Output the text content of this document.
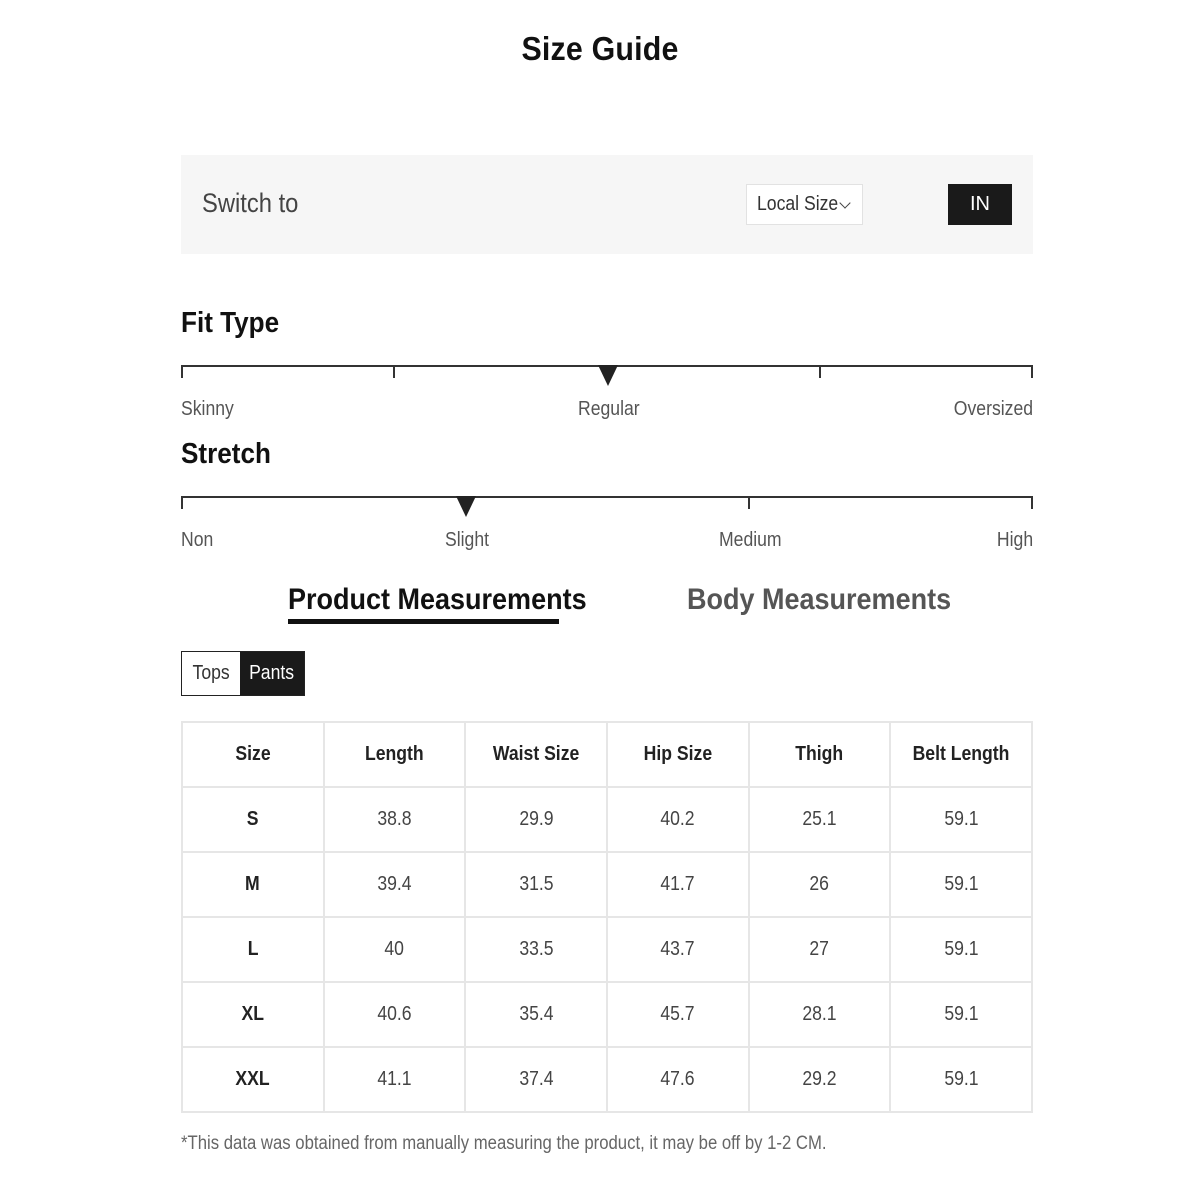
Size Guide
Switch to	Local Size	IN
Fit Type
Skinny	Regular	Oversized
Stretch
Non	Slight	Medium	High
Product Measurements	Body Measurements
Tops Pants
Size	Length	Waist Size	Hip Size	Thigh	Belt Length
S	38.8	29.9	40.2	25.1	59.1
M	39.4	31.5	41.7	26	59.1
L	40	33.5	43.7	27	59.1
XL	40.6	35.4	45.7	28.1	59.1
XXL	41.1	37.4	47.6	29.2	59.1
*This data was obtained from manually measuring the product, it may be off by 1-2 CM.
